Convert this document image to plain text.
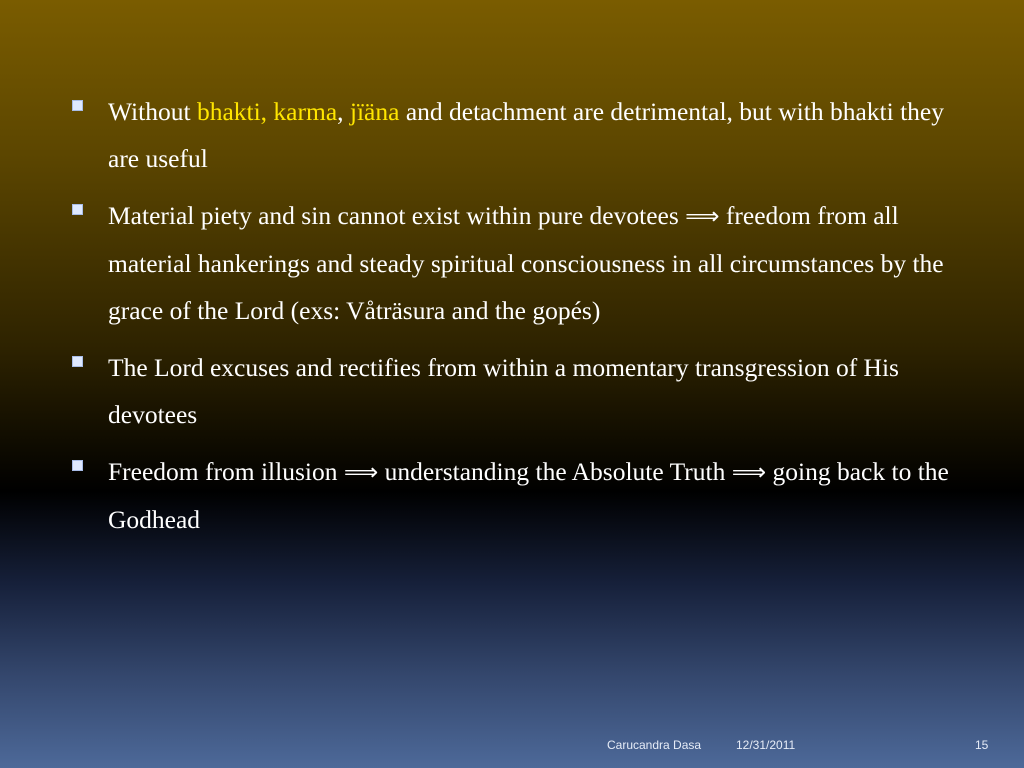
Without bhakti, karma, jïäna and detachment are detrimental, but with bhakti they are useful
Material piety and sin cannot exist within pure devotees ⟹ freedom from all material hankerings and steady spiritual consciousness in all circumstances by the grace of the Lord (exs: Våträsura and the gopés)
The Lord excuses and rectifies from within a momentary transgression of His devotees
Freedom from illusion ⟹ understanding the Absolute Truth ⟹ going back to the Godhead
Carucandra Dasa	12/31/2011	15
